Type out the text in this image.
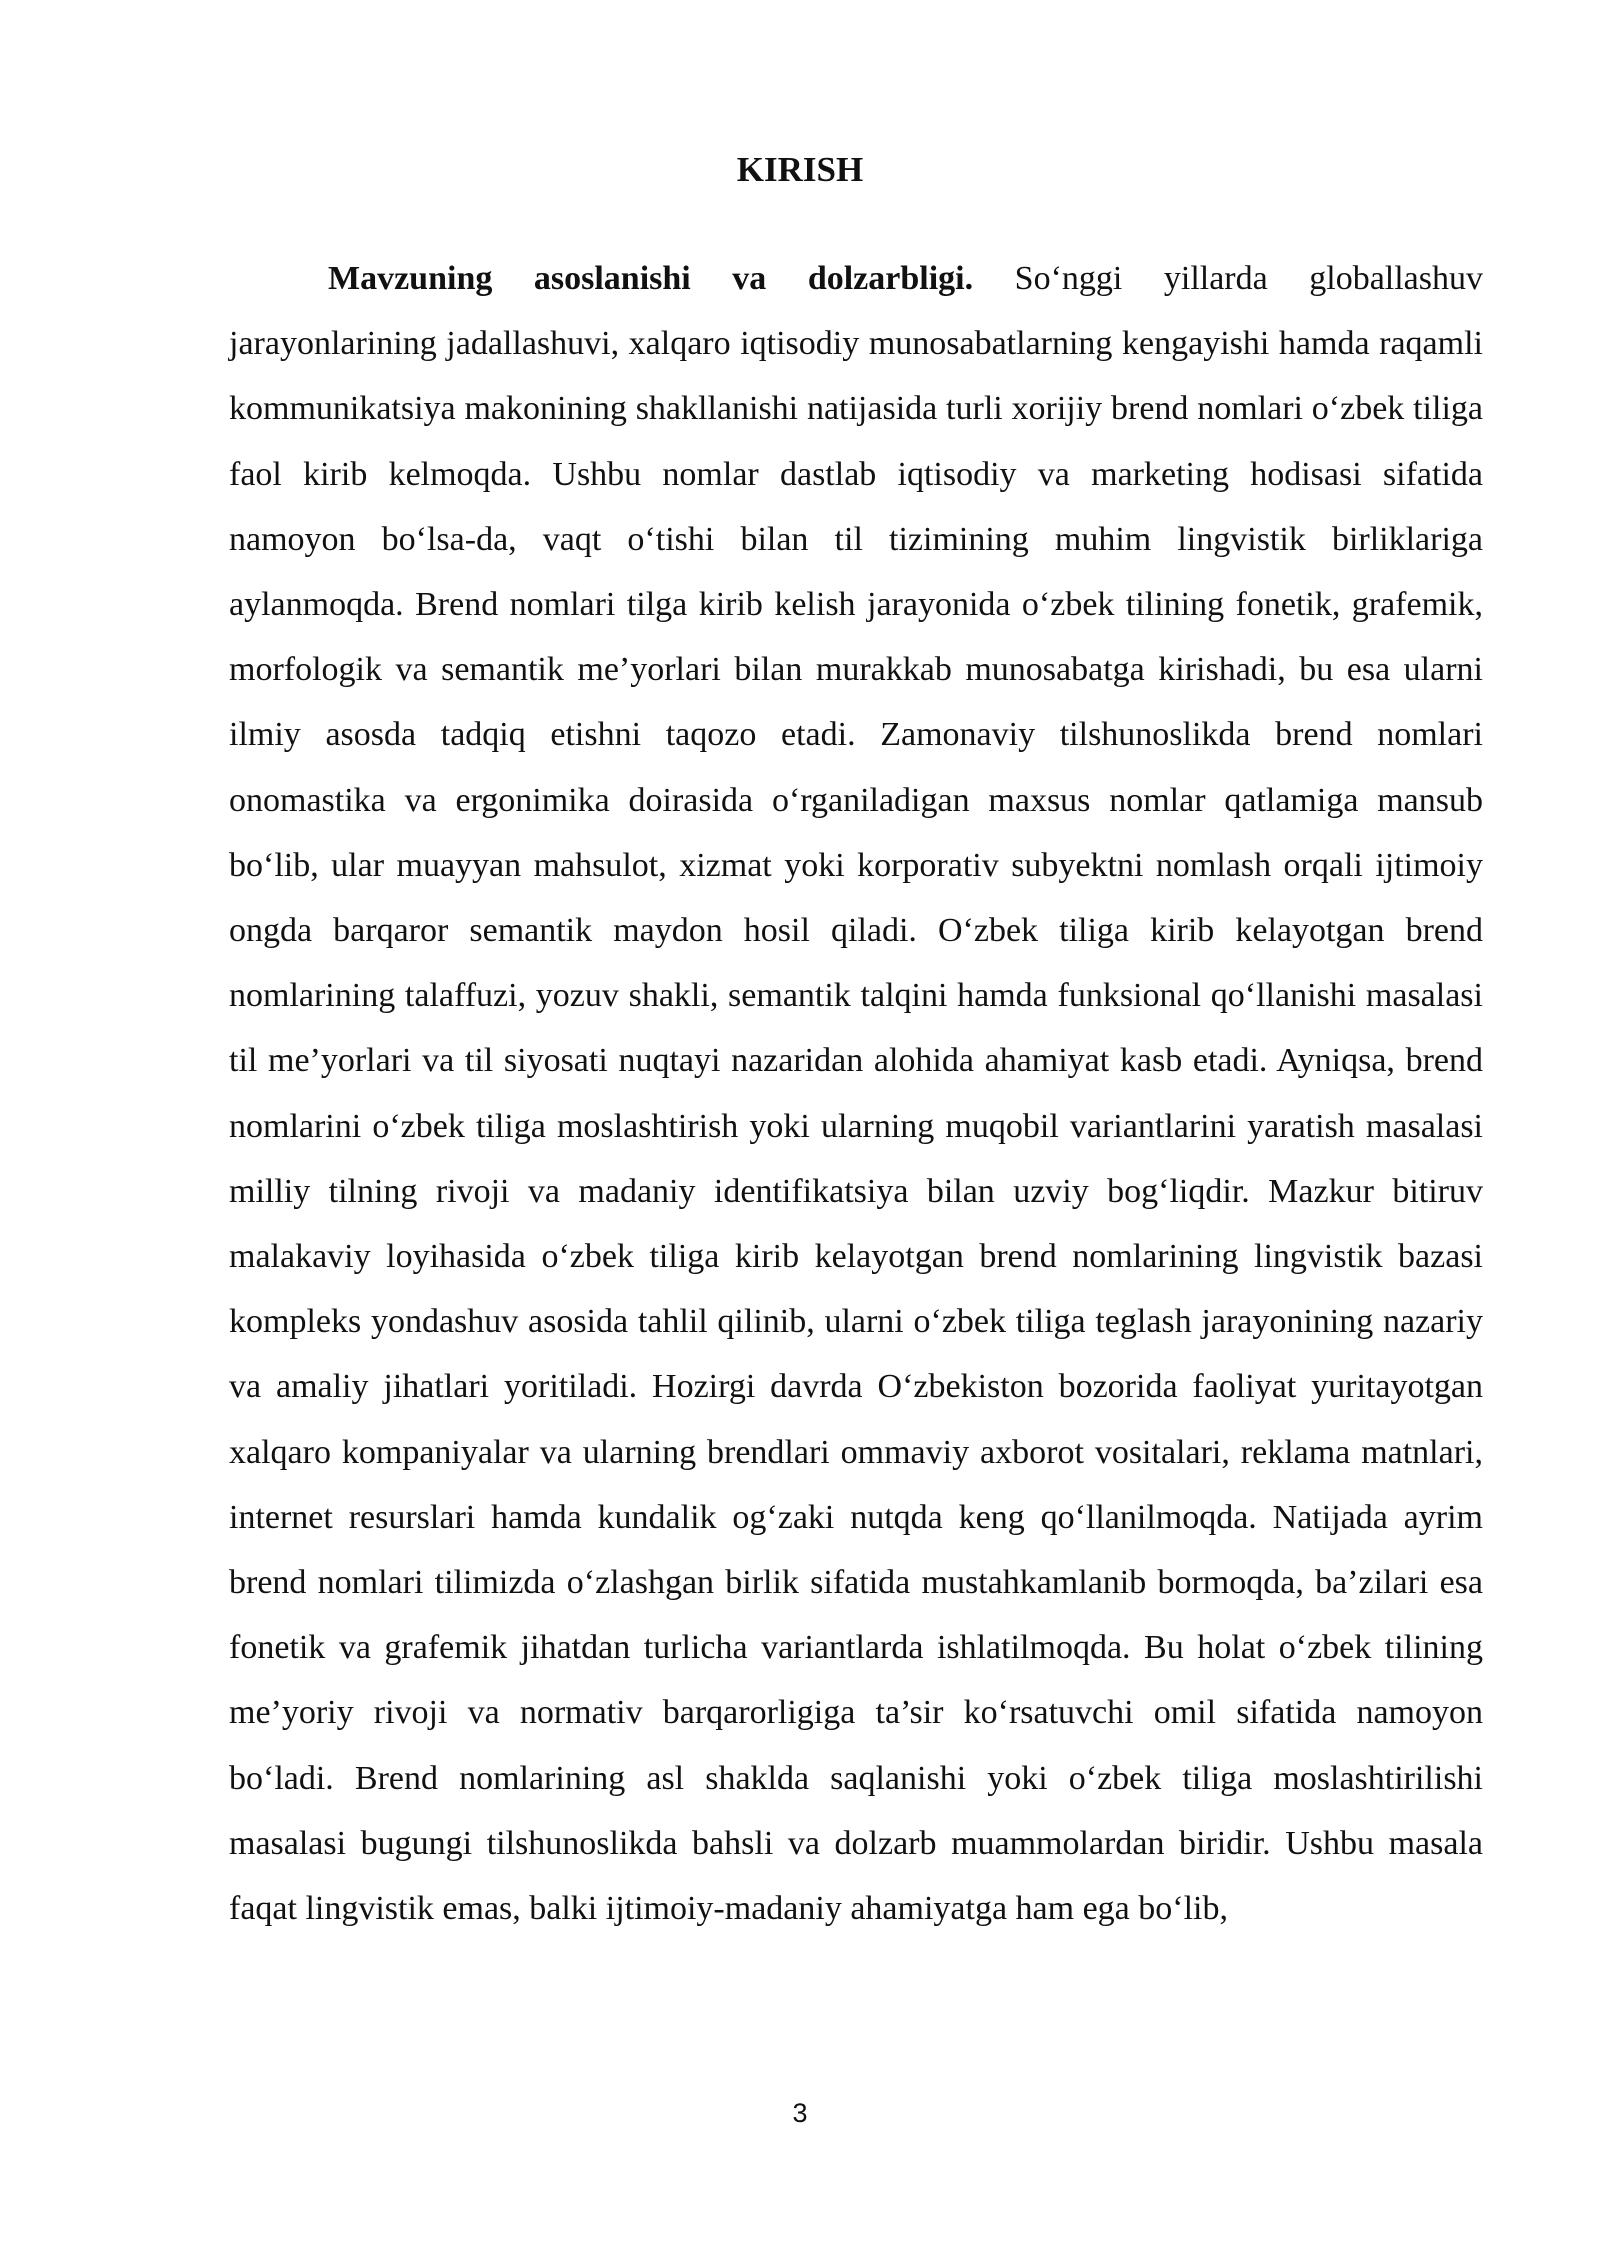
KIRISH

Mavzuning asoslanishi va dolzarbligi. So‘nggi yillarda globallashuv jarayonlarining jadallashuvi, xalqaro iqtisodiy munosabatlarning kengayishi hamda raqamli kommunikatsiya makonining shakllanishi natijasida turli xorijiy brend nomlari o‘zbek tiliga faol kirib kelmoqda. Ushbu nomlar dastlab iqtisodiy va marketing hodisasi sifatida namoyon bo‘lsa-da, vaqt o‘tishi bilan til tizimining muhim lingvistik birliklariga aylanmoqda. Brend nomlari tilga kirib kelish jarayonida o‘zbek tilining fonetik, grafemik, morfologik va semantik me’yorlari bilan murakkab munosabatga kirishadi, bu esa ularni ilmiy asosda tadqiq etishni taqozo etadi. Zamonaviy tilshunoslikda brend nomlari onomastika va ergonimika doirasida o‘rganiladigan maxsus nomlar qatlamiga mansub bo‘lib, ular muayyan mahsulot, xizmat yoki korporativ subyektni nomlash orqali ijtimoiy ongda barqaror semantik maydon hosil qiladi. O‘zbek tiliga kirib kelayotgan brend nomlarining talaffuzi, yozuv shakli, semantik talqini hamda funksional qo‘llanishi masalasi til me’yorlari va til siyosati nuqtayi nazaridan alohida ahamiyat kasb etadi. Ayniqsa, brend nomlarini o‘zbek tiliga moslashtirish yoki ularning muqobil variantlarini yaratish masalasi milliy tilning rivoji va madaniy identifikatsiya bilan uzviy bog‘liqdir. Mazkur bitiruv malakaviy loyihasida o‘zbek tiliga kirib kelayotgan brend nomlarining lingvistik bazasi kompleks yondashuv asosida tahlil qilinib, ularni o‘zbek tiliga teglash jarayonining nazariy va amaliy jihatlari yoritiladi. Hozirgi davrda O‘zbekiston bozorida faoliyat yuritayotgan xalqaro kompaniyalar va ularning brendlari ommaviy axborot vositalari, reklama matnlari, internet resurslari hamda kundalik og‘zaki nutqda keng qo‘llanilmoqda. Natijada ayrim brend nomlari tilimizda o‘zlashgan birlik sifatida mustahkamlanib bormoqda, ba’zilari esa fonetik va grafemik jihatdan turlicha variantlarda ishlatilmoqda. Bu holat o‘zbek tilining me’yoriy rivoji va normativ barqarorligiga ta’sir ko‘rsatuvchi omil sifatida namoyon bo‘ladi. Brend nomlarining asl shaklda saqlanishi yoki o‘zbek tiliga moslashtirilishi masalasi bugungi tilshunoslikda bahsli va dolzarb muammolardan biridir. Ushbu masala faqat lingvistik emas, balki ijtimoiy-madaniy ahamiyatga ham ega bo‘lib,

3
